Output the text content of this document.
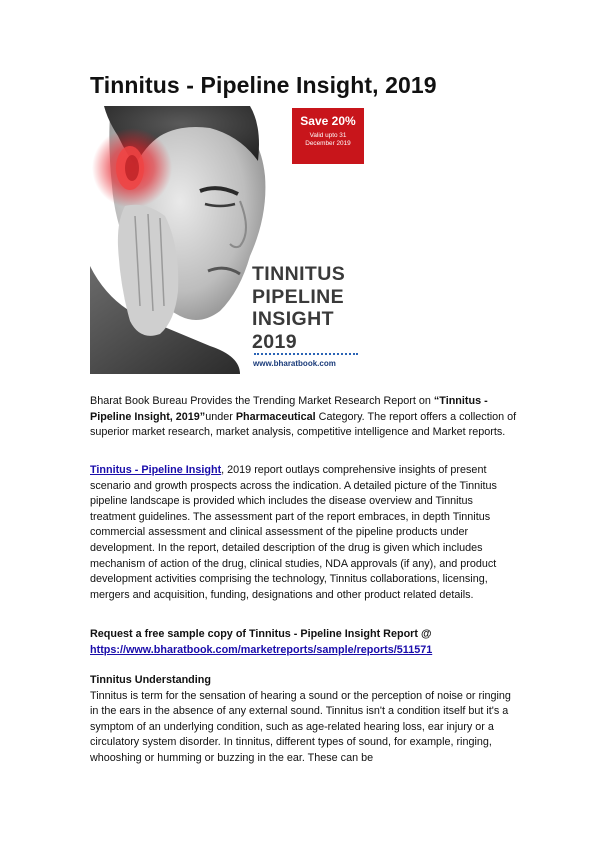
Tinnitus - Pipeline Insight, 2019
Save 20%
Valid upto 31 December 2019
TINNITUS
PIPELINE
INSIGHT
2019
www.bharatbook.com

Bharat Book Bureau Provides the Trending Market Research Report on “Tinnitus - Pipeline Insight, 2019”under Pharmaceutical Category. The report offers a collection of superior market research, market analysis, competitive intelligence and Market reports.

Tinnitus - Pipeline Insight, 2019 report outlays comprehensive insights of present scenario and growth prospects across the indication. A detailed picture of the Tinnitus pipeline landscape is provided which includes the disease overview and Tinnitus treatment guidelines. The assessment part of the report embraces, in depth Tinnitus commercial assessment and clinical assessment of the pipeline products under development. In the report, detailed description of the drug is given which includes mechanism of action of the drug, clinical studies, NDA approvals (if any), and product development activities comprising the technology, Tinnitus collaborations, licensing, mergers and acquisition, funding, designations and other product related details.

Request a free sample copy of Tinnitus - Pipeline Insight Report @

https://www.bharatbook.com/marketreports/sample/reports/511571

Tinnitus Understanding

Tinnitus is term for the sensation of hearing a sound or the perception of noise or ringing in the ears in the absence of any external sound. Tinnitus isn't a condition itself but it's a symptom of an underlying condition, such as age-related hearing loss, ear injury or a circulatory system disorder. In tinnitus, different types of sound, for example, ringing, whooshing or humming or buzzing in the ear. These can be
